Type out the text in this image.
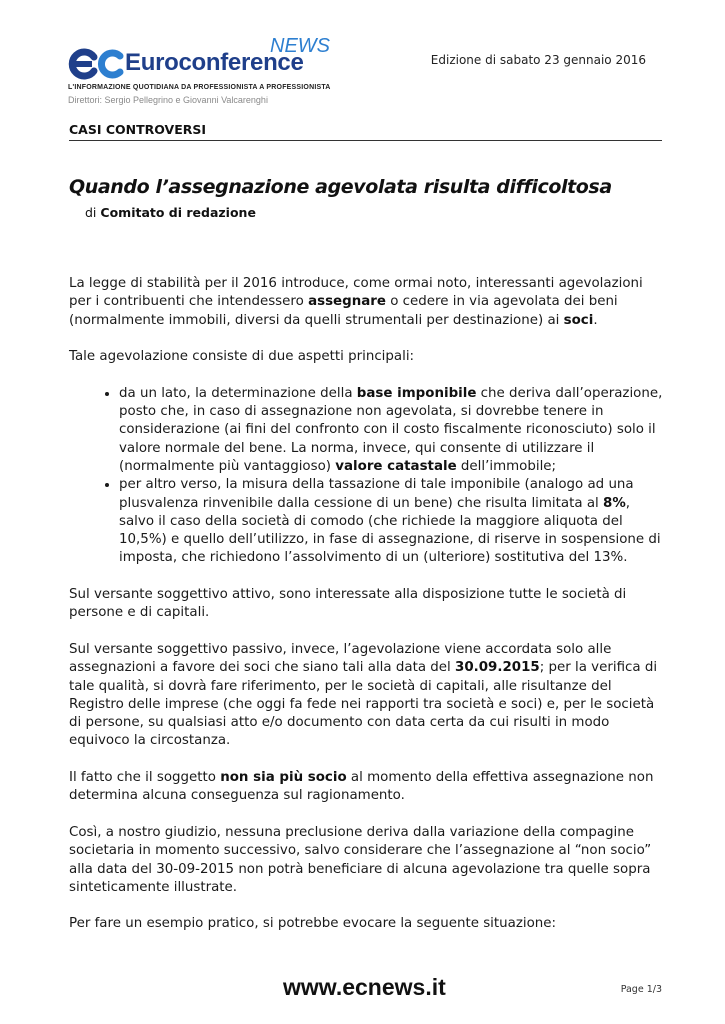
Euroconference
NEWS
L'INFORMAZIONE QUOTIDIANA DA PROFESSIONISTA A PROFESSIONISTA
Direttori: Sergio Pellegrino e Giovanni Valcarenghi
Edizione di sabato 23 gennaio 2016
CASI CONTROVERSI
Quando l’assegnazione agevolata risulta difficoltosa
di Comitato di redazione

La legge di stabilità per il 2016 introduce, come ormai noto, interessanti agevolazioni per i contribuenti che intendessero assegnare o cedere in via agevolata dei beni (normalmente immobili, diversi da quelli strumentali per destinazione) ai soci.

Tale agevolazione consiste di due aspetti principali:

• da un lato, la determinazione della base imponibile che deriva dall’operazione, posto che, in caso di assegnazione non agevolata, si dovrebbe tenere in considerazione (ai fini del confronto con il costo fiscalmente riconosciuto) solo il valore normale del bene. La norma, invece, qui consente di utilizzare il (normalmente più vantaggioso) valore catastale dell’immobile;
• per altro verso, la misura della tassazione di tale imponibile (analogo ad una plusvalenza rinvenibile dalla cessione di un bene) che risulta limitata al 8%, salvo il caso della società di comodo (che richiede la maggiore aliquota del 10,5%) e quello dell’utilizzo, in fase di assegnazione, di riserve in sospensione di imposta, che richiedono l’assolvimento di un (ulteriore) sostitutiva del 13%.

Sul versante soggettivo attivo, sono interessate alla disposizione tutte le società di persone e di capitali.

Sul versante soggettivo passivo, invece, l’agevolazione viene accordata solo alle assegnazioni a favore dei soci che siano tali alla data del 30.09.2015; per la verifica di tale qualità, si dovrà fare riferimento, per le società di capitali, alle risultanze del Registro delle imprese (che oggi fa fede nei rapporti tra società e soci) e, per le società di persone, su qualsiasi atto e/o documento con data certa da cui risulti in modo equivoco la circostanza.

Il fatto che il soggetto non sia più socio al momento della effettiva assegnazione non determina alcuna conseguenza sul ragionamento.

Così, a nostro giudizio, nessuna preclusione deriva dalla variazione della compagine societaria in momento successivo, salvo considerare che l’assegnazione al “non socio” alla data del 30-09-2015 non potrà beneficiare di alcuna agevolazione tra quelle sopra sinteticamente illustrate.

Per fare un esempio pratico, si potrebbe evocare la seguente situazione:

www.ecnews.it	Page 1/3
